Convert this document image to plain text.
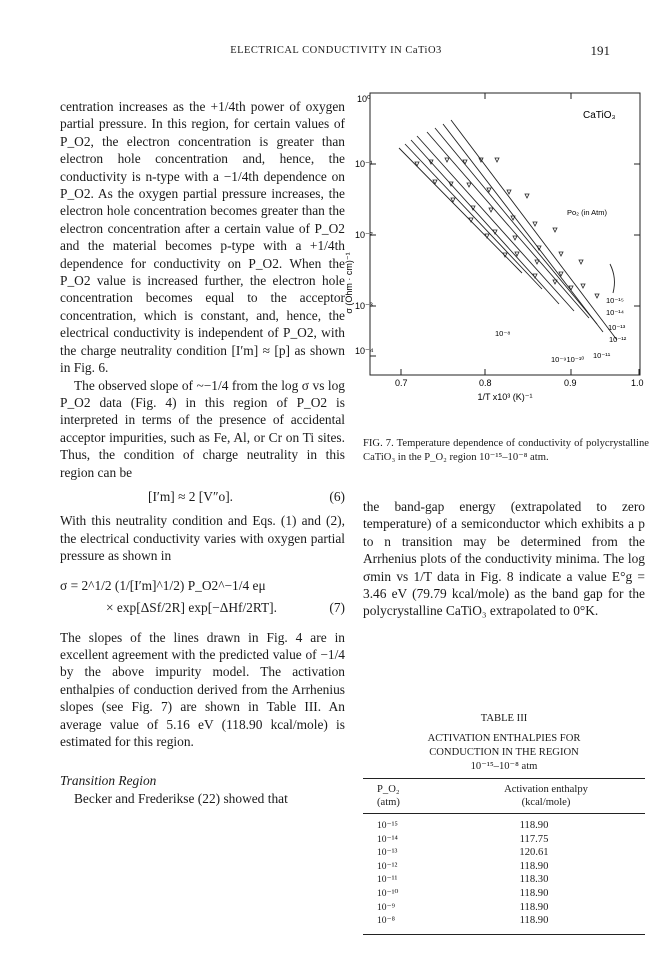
ELECTRICAL CONDUCTIVITY IN CaTiO3	191

centration increases as the +1/4th power of oxygen partial pressure. In this region, for certain values of P_O2, the electron concentration is greater than electron hole concentration and, hence, the conductivity is n-type with a −1/4th dependence on P_O2. As the oxygen partial pressure increases, the electron hole concentration becomes greater than the electron concentration after a certain value of P_O2 and the material becomes p-type with a +1/4th dependence for conductivity on P_O2. When the P_O2 value is increased further, the electron hole concentration becomes equal to the acceptor concentration, which is constant, and, hence, the electrical conductivity is independent of P_O2, with the charge neutrality condition [I′m] ≈ [p] as shown in Fig. 6.

The observed slope of ~−1/4 from the log σ vs log P_O2 data (Fig. 4) in this region of P_O2 is interpreted in terms of the presence of accidental acceptor impurities, such as Fe, Al, or Cr on Ti sites. Thus, the condition of charge neutrality in this region can be

[I′m] ≈ 2 [V″o].	(6)

With this neutrality condition and Eqs. (1) and (2), the electrical conductivity varies with oxygen partial pressure as shown in

σ = 2^1/2 (1/[I′m]^1/2) P_O2^−1/4 eμ
× exp[ΔSf/2R] exp[−ΔHf/2RT].	(7)

The slopes of the lines drawn in Fig. 4 are in excellent agreement with the predicted value of −1/4 by the above impurity model. The activation enthalpies of conduction derived from the Arrhenius slopes (see Fig. 7) are shown in Table III. An average value of 5.16 eV (118.90 kcal/mole) is estimated for this region.

Transition Region

Becker and Frederikse (22) showed that

10⁰
10⁻¹
10⁻²
10⁻³
10⁻⁴
σ (Ohm · cm)⁻¹
0.7	0.8	0.9	1.0
1/T x10³ (K)⁻¹
CaTiO₃
Po₂ (in Atm)
10⁻¹⁵
10⁻¹⁴
10⁻¹³
10⁻¹²
10⁻¹¹
10⁻⁸
10⁻⁹10⁻¹⁰
FIG. 7. Temperature dependence of conductivity of polycrystalline CaTiO₃ in the P_O₂ region 10⁻¹⁵–10⁻⁸ atm.

the band-gap energy (extrapolated to zero temperature) of a semiconductor which exhibits a p to n transition may be determined from the Arrhenius plots of the conductivity minima. The log σmin vs 1/T data in Fig. 8 indicate a value E°g = 3.46 eV (79.79 kcal/mole) as the band gap for the polycrystalline CaTiO₃ extrapolated to 0°K.

TABLE III
ACTIVATION ENTHALPIES FOR
CONDUCTION IN THE REGION
10⁻¹⁵–10⁻⁸ atm
P_O₂
(atm)
Activation enthalpy
(kcal/mole)
10⁻¹⁵	118.90
10⁻¹⁴	117.75
10⁻¹³	120.61
10⁻¹²	118.90
10⁻¹¹	118.30
10⁻¹⁰	118.90
10⁻⁹	118.90
10⁻⁸	118.90
